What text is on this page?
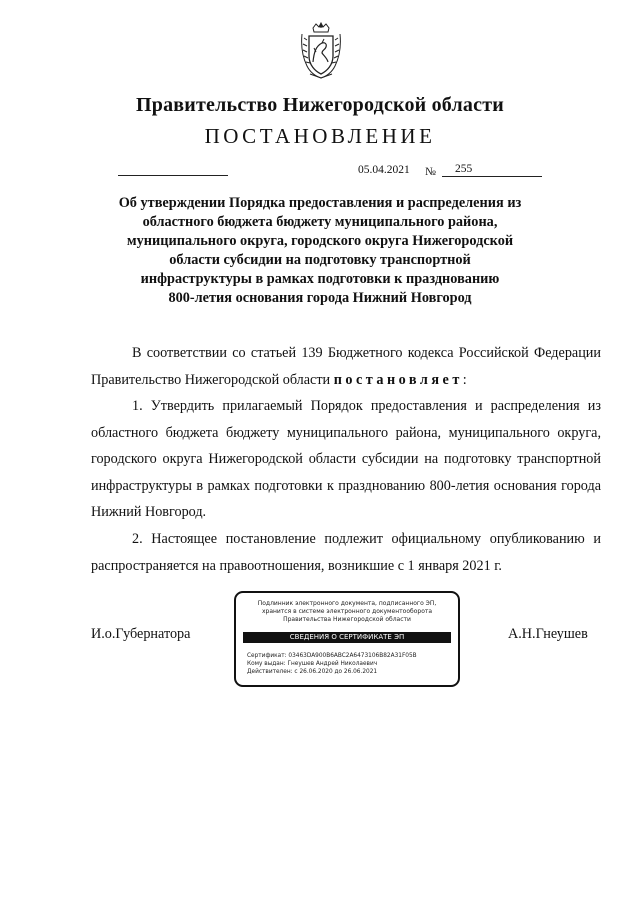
Правительство Нижегородской области
ПОСТАНОВЛЕНИЕ
05.04.2021 №	255
Об утверждении Порядка предоставления и распределения из
областного бюджета бюджету муниципального района,
муниципального округа, городского округа Нижегородской
области субсидии на подготовку транспортной
инфраструктуры в рамках подготовки к празднованию
800-летия основания города Нижний Новгород

В соответствии со статьей 139 Бюджетного кодекса Российской Федерации Правительство Нижегородской области постановляет:

1. Утвердить прилагаемый Порядок предоставления и распределения из областного бюджета бюджету муниципального района, муниципального округа, городского округа Нижегородской области субсидии на подготовку транспортной инфраструктуры в рамках подготовки к празднованию 800-летия основания города Нижний Новгород.

2. Настоящее постановление подлежит официальному опубликованию и распространяется на правоотношения, возникшие с 1 января 2021 г.

И.о.Губернатора	А.Н.Гнеушев
Подлинник электронного документа, подписанного ЭП,
хранится в системе электронного документооборота
Правительства Нижегородской области
СВЕДЕНИЯ О СЕРТИФИКАТЕ ЭП
Сертификат: 03463DA900B6ABC2A6473106B82A31F05B
Кому выдан: Гнеушев Андрей Николаевич
Действителен: с 26.06.2020 до 26.06.2021
